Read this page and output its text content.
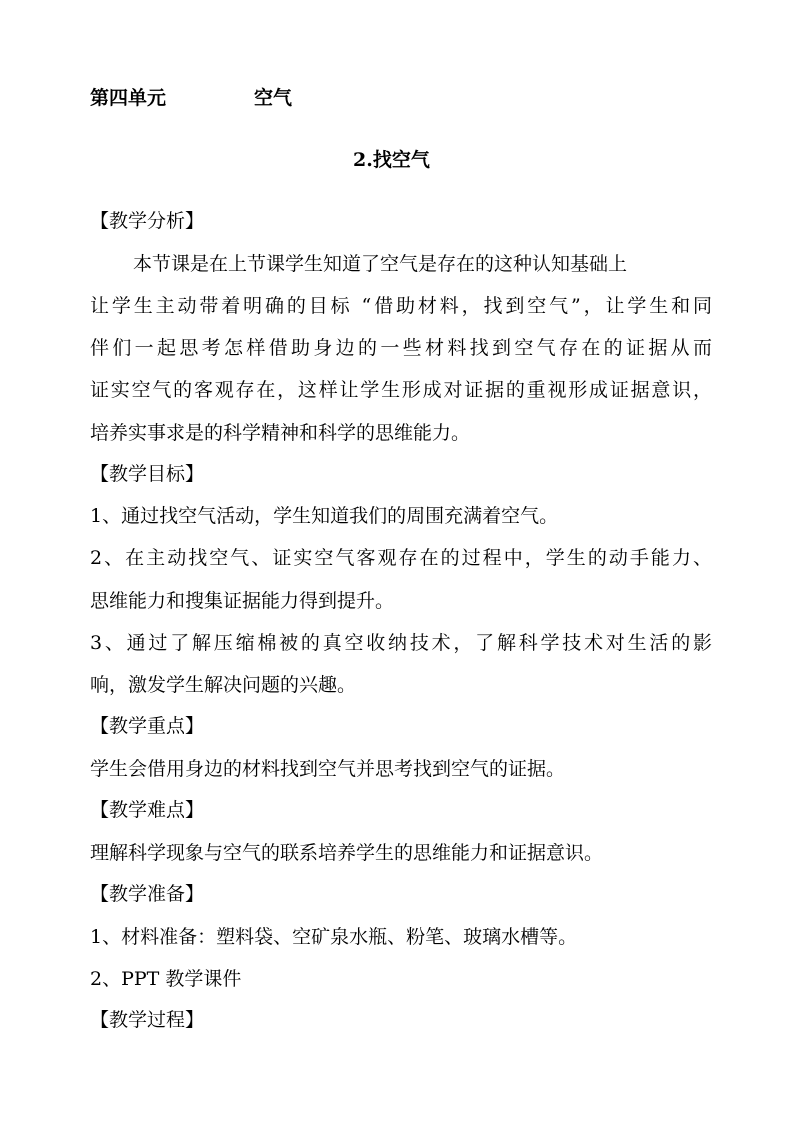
第四单元	空气
2.找空气
【教学分析】
本节课是在上节课学生知道了空气是存在的这种认知基础上
让学生主动带着明确的目标 “借助材料，找到空气”，让学生和同
伴们一起思考怎样借助身边的一些材料找到空气存在的证据从而
证实空气的客观存在，这样让学生形成对证据的重视形成证据意识，
培养实事求是的科学精神和科学的思维能力。
【教学目标】
1、通过找空气活动，学生知道我们的周围充满着空气。
2、在主动找空气、证实空气客观存在的过程中，学生的动手能力、
思维能力和搜集证据能力得到提升。
3、通过了解压缩棉被的真空收纳技术，了解科学技术对生活的影
响，激发学生解决问题的兴趣。
【教学重点】
学生会借用身边的材料找到空气并思考找到空气的证据。
【教学难点】
理解科学现象与空气的联系培养学生的思维能力和证据意识。
【教学准备】
1、材料准备：塑料袋、空矿泉水瓶、粉笔、玻璃水槽等。
2、PPT 教学课件
【教学过程】
